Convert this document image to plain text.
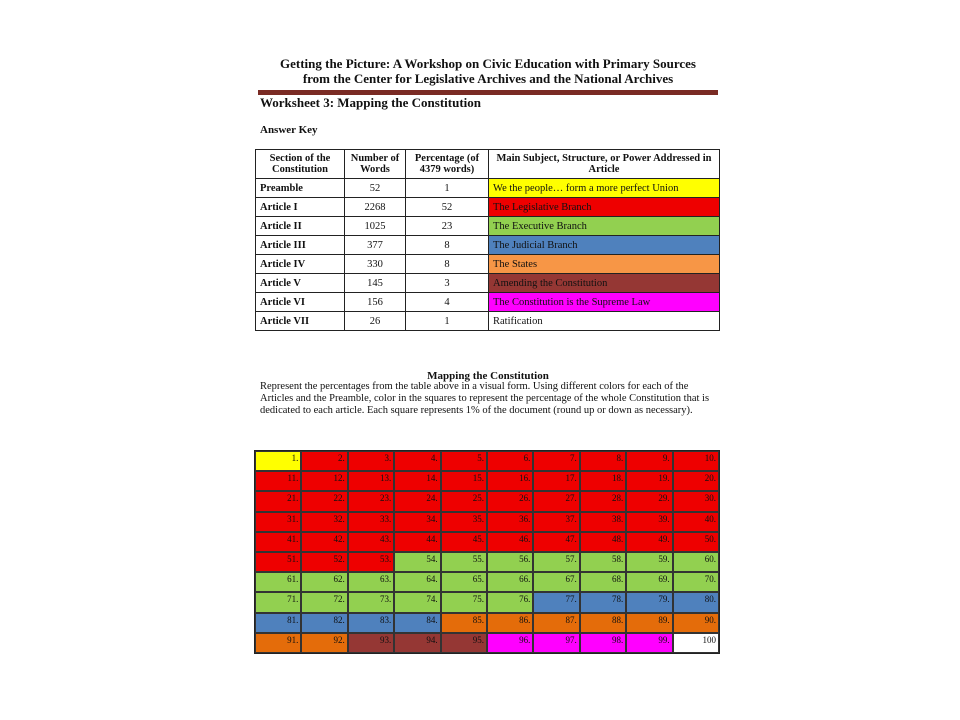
Getting the Picture: A Workshop on Civic Education with Primary Sources
from the Center for Legislative Archives and the National Archives
Worksheet 3: Mapping the Constitution
Answer Key
Section of the Constitution	Number of Words	Percentage (of 4379 words)	Main Subject, Structure, or Power Addressed in Article
Preamble	52	1	We the people… form a more perfect Union
Article I	2268	52	The Legislative Branch
Article II	1025	23	The Executive Branch
Article III	377	8	The Judicial Branch
Article IV	330	8	The States
Article V	145	3	Amending the Constitution
Article VI	156	4	The Constitution is the Supreme Law
Article VII	26	1	Ratification
Mapping the Constitution
Represent the percentages from the table above in a visual form. Using different colors for each of the Articles and the Preamble, color in the squares to represent the percentage of the whole Constitution that is dedicated to each article. Each square represents 1% of the document (round up or down as necessary).
1.	2.	3.	4.	5.	6.	7.	8.	9.	10.
11.	12.	13.	14.	15.	16.	17.	18.	19.	20.
21.	22.	23.	24.	25.	26.	27.	28.	29.	30.
31.	32.	33.	34.	35.	36.	37.	38.	39.	40.
41.	42.	43.	44.	45.	46.	47.	48.	49.	50.
51.	52.	53.	54.	55.	56.	57.	58.	59.	60.
61.	62.	63.	64.	65.	66.	67.	68.	69.	70.
71.	72.	73.	74.	75.	76.	77.	78.	79.	80.
81.	82.	83.	84.	85.	86.	87.	88.	89.	90.
91.	92.	93.	94.	95.	96.	97.	98.	99.	100
